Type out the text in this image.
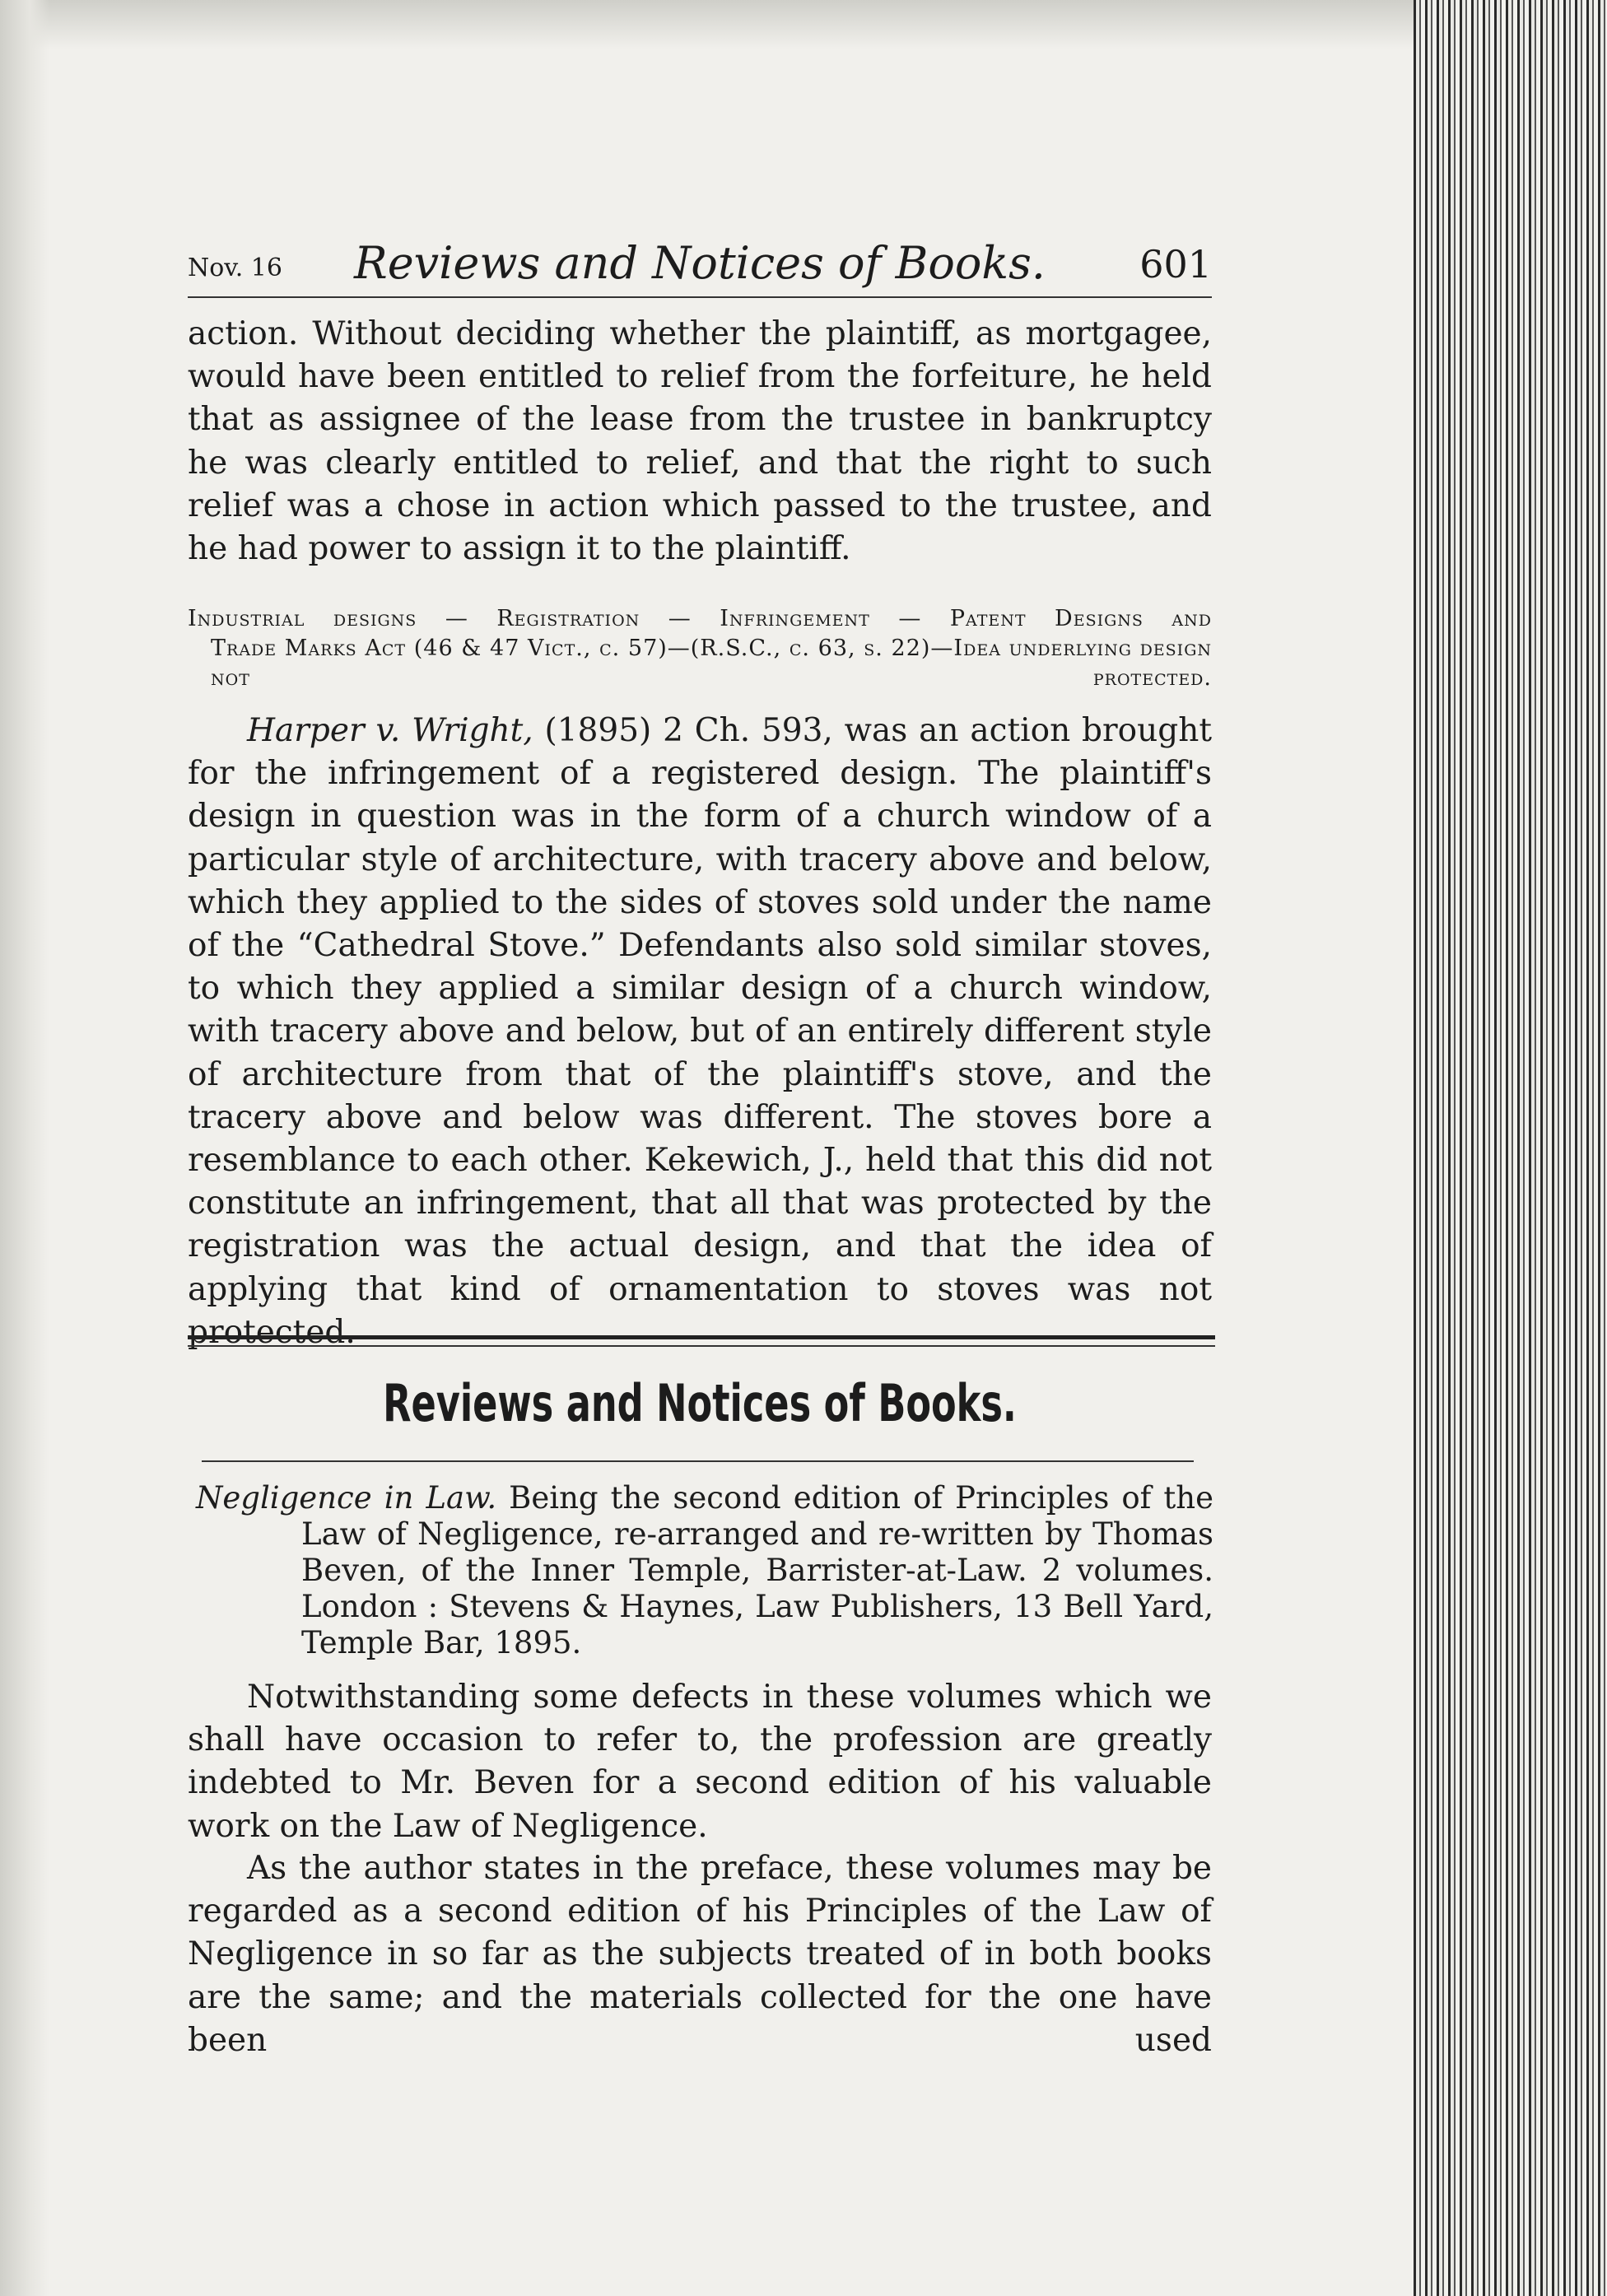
Nov. 16	Reviews and Notices of Books.	601
action. Without deciding whether the plaintiff, as mortgagee, would have been entitled to relief from the forfeiture, he held that as assignee of the lease from the trustee in bankruptcy he was clearly entitled to relief, and that the right to such relief was a chose in action which passed to the trustee, and he had power to assign it to the plaintiff.
Industrial designs — Registration — Infringement — Patent Designs and
Trade Marks Act (46 & 47 Vict., c. 57)—(R.S.C., c. 63, s. 22)—Idea underlying design not protected.
Harper v. Wright, (1895) 2 Ch. 593, was an action brought for the infringement of a registered design. The plaintiff's design in question was in the form of a church window of a particular style of architecture, with tracery above and below, which they applied to the sides of stoves sold under the name of the “Cathedral Stove.” Defendants also sold similar stoves, to which they applied a similar design of a church window, with tracery above and below, but of an entirely different style of architecture from that of the plaintiff's stove, and the tracery above and below was different. The stoves bore a resemblance to each other. Kekewich, J., held that this did not constitute an infringement, that all that was protected by the registration was the actual design, and that the idea of applying that kind of ornamentation to stoves was not protected.
Reviews and Notices of Books.
Negligence in Law. Being the second edition of Principles of the Law of Negligence, re-arranged and re-written by Thomas Beven, of the Inner Temple, Barrister-at-Law. 2 volumes. London : Stevens & Haynes, Law Publishers, 13 Bell Yard, Temple Bar, 1895.
Notwithstanding some defects in these volumes which we shall have occasion to refer to, the profession are greatly indebted to Mr. Beven for a second edition of his valuable work on the Law of Negligence.
As the author states in the preface, these volumes may be regarded as a second edition of his Principles of the Law of Negligence in so far as the subjects treated of in both books are the same; and the materials collected for the one have been used
